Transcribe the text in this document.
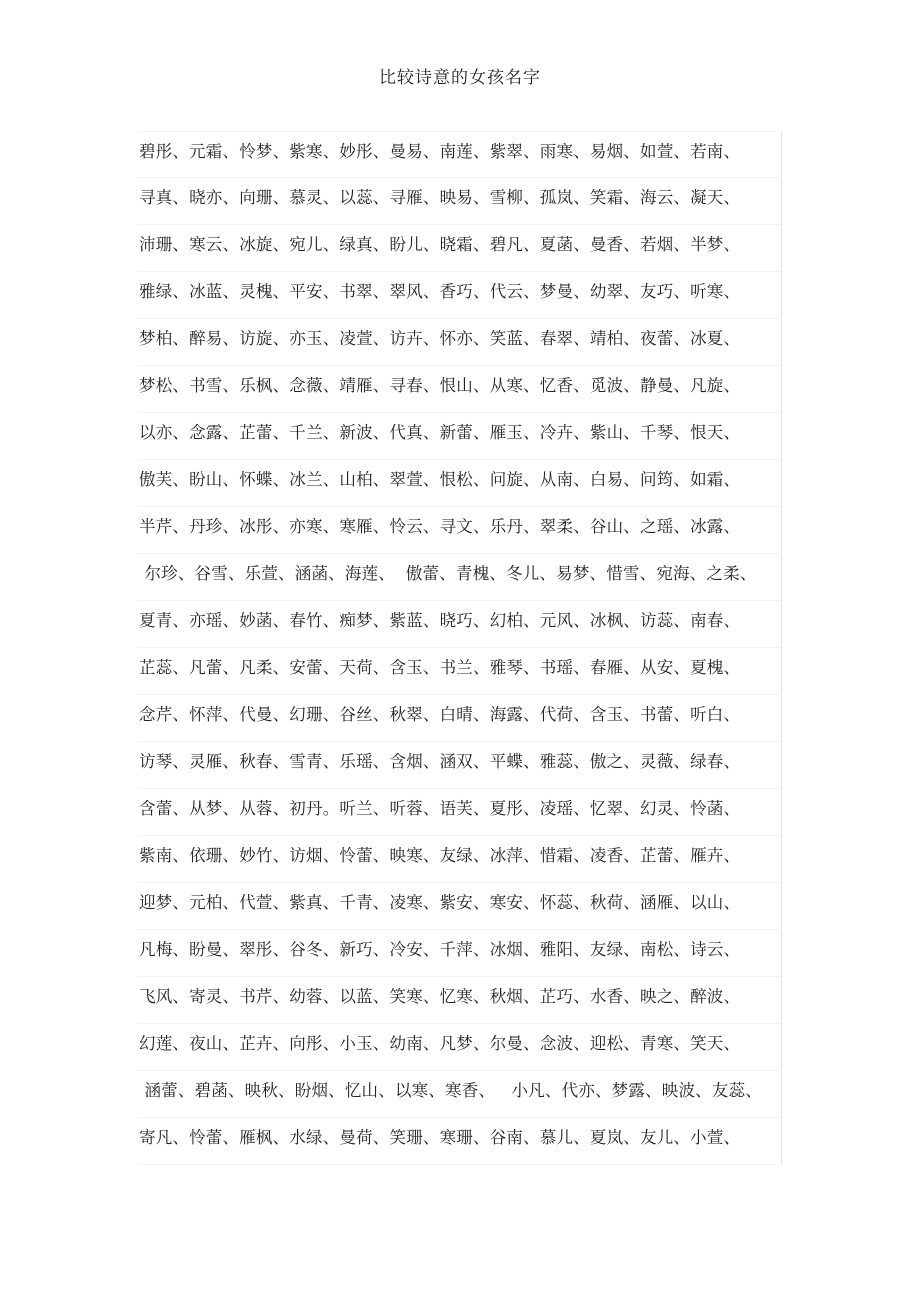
比较诗意的女孩名字
碧彤、元霜、怜梦、紫寒、妙彤、曼易、南莲、紫翠、雨寒、易烟、如萱、若南、
寻真、晓亦、向珊、慕灵、以蕊、寻雁、映易、雪柳、孤岚、笑霜、海云、凝天、
沛珊、寒云、冰旋、宛儿、绿真、盼儿、晓霜、碧凡、夏菡、曼香、若烟、半梦、
雅绿、冰蓝、灵槐、平安、书翠、翠风、香巧、代云、梦曼、幼翠、友巧、听寒、
梦柏、醉易、访旋、亦玉、凌萱、访卉、怀亦、笑蓝、春翠、靖柏、夜蕾、冰夏、
梦松、书雪、乐枫、念薇、靖雁、寻春、恨山、从寒、忆香、觅波、静曼、凡旋、
以亦、念露、芷蕾、千兰、新波、代真、新蕾、雁玉、冷卉、紫山、千琴、恨天、
傲芙、盼山、怀蝶、冰兰、山柏、翠萱、恨松、问旋、从南、白易、问筠、如霜、
半芹、丹珍、冰彤、亦寒、寒雁、怜云、寻文、乐丹、翠柔、谷山、之瑶、冰露、
尔珍、谷雪、乐萱、涵菡、海莲、  傲蕾、青槐、冬儿、易梦、惜雪、宛海、之柔、
夏青、亦瑶、妙菡、春竹、痴梦、紫蓝、晓巧、幻柏、元风、冰枫、访蕊、南春、
芷蕊、凡蕾、凡柔、安蕾、天荷、含玉、书兰、雅琴、书瑶、春雁、从安、夏槐、
念芹、怀萍、代曼、幻珊、谷丝、秋翠、白晴、海露、代荷、含玉、书蕾、听白、
访琴、灵雁、秋春、雪青、乐瑶、含烟、涵双、平蝶、雅蕊、傲之、灵薇、绿春、
含蕾、从梦、从蓉、初丹。听兰、听蓉、语芙、夏彤、凌瑶、忆翠、幻灵、怜菡、
紫南、依珊、妙竹、访烟、怜蕾、映寒、友绿、冰萍、惜霜、凌香、芷蕾、雁卉、
迎梦、元柏、代萱、紫真、千青、凌寒、紫安、寒安、怀蕊、秋荷、涵雁、以山、
凡梅、盼曼、翠彤、谷冬、新巧、冷安、千萍、冰烟、雅阳、友绿、南松、诗云、
飞风、寄灵、书芹、幼蓉、以蓝、笑寒、忆寒、秋烟、芷巧、水香、映之、醉波、
幻莲、夜山、芷卉、向彤、小玉、幼南、凡梦、尔曼、念波、迎松、青寒、笑天、
涵蕾、碧菡、映秋、盼烟、忆山、以寒、寒香、   小凡、代亦、梦露、映波、友蕊、
寄凡、怜蕾、雁枫、水绿、曼荷、笑珊、寒珊、谷南、慕儿、夏岚、友儿、小萱、
